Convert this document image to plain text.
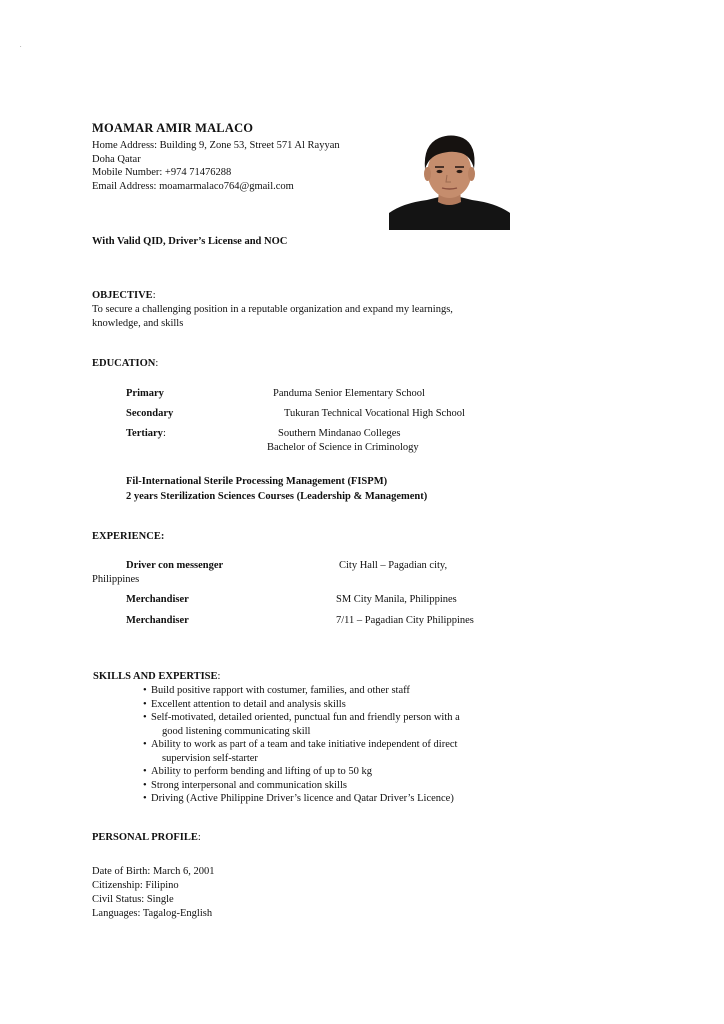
.
MOAMAR AMIR MALACO
Home Address: Building 9, Zone 53, Street 571 Al Rayyan
Doha Qatar
Mobile Number: +974 71476288
Email Address: moamarmalaco764@gmail.com
With Valid QID, Driver’s License and NOC
OBJECTIVE:
To secure a challenging position in a reputable organization and expand my learnings,
knowledge, and skills
EDUCATION:
Primary	Panduma Senior Elementary School
Secondary	Tukuran Technical Vocational High School
Tertiary:	Southern Mindanao Colleges
Bachelor of Science in Criminology
Fil-International Sterile Processing Management (FISPM)
2 years Sterilization Sciences Courses (Leadership & Management)
EXPERIENCE:
Driver con messenger	City Hall – Pagadian city,
Philippines
Merchandiser	SM City Manila, Philippines
Merchandiser	7/11 – Pagadian City Philippines
SKILLS AND EXPERTISE:
• Build positive rapport with costumer, families, and other staff
• Excellent attention to detail and analysis skills
• Self-motivated, detailed oriented, punctual fun and friendly person with a
good listening communicating skill
• Ability to work as part of a team and take initiative independent of direct
supervision self-starter
• Ability to perform bending and lifting of up to 50 kg
• Strong interpersonal and communication skills
• Driving (Active Philippine Driver’s licence and Qatar Driver’s Licence)
PERSONAL PROFILE:
Date of Birth: March 6, 2001
Citizenship: Filipino
Civil Status: Single
Languages: Tagalog-English
